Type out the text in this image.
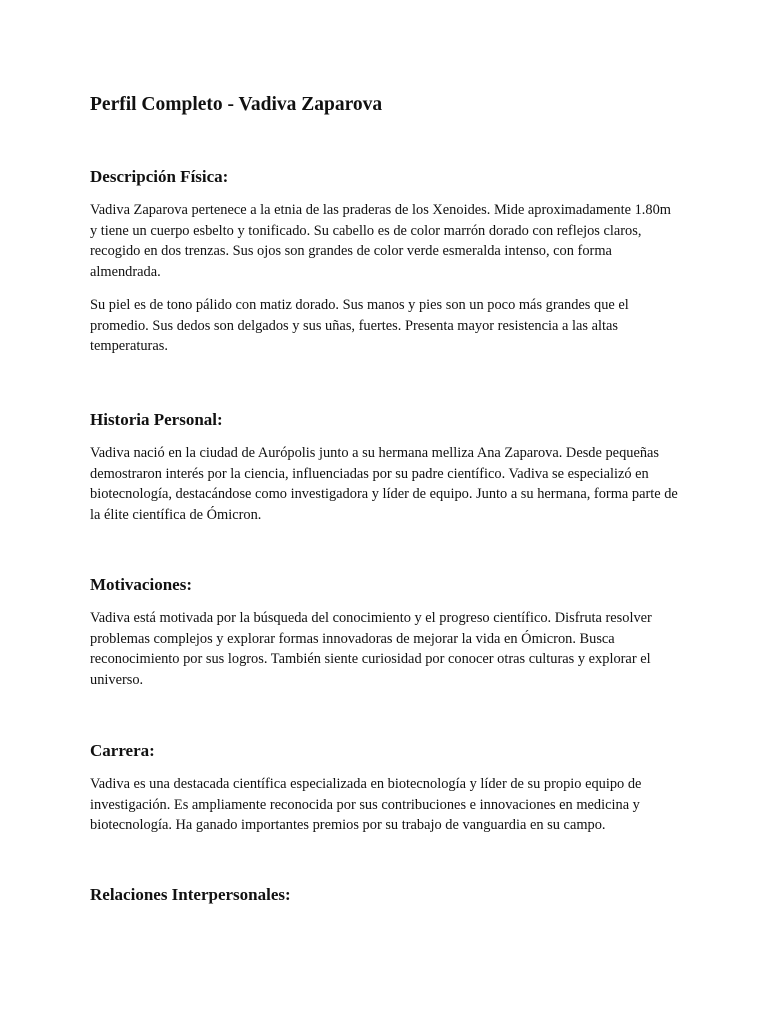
Perfil Completo - Vadiva Zaparova
Descripción Física:

Vadiva Zaparova pertenece a la etnia de las praderas de los Xenoides. Mide aproximadamente 1.80m y tiene un cuerpo esbelto y tonificado. Su cabello es de color marrón dorado con reflejos claros, recogido en dos trenzas. Sus ojos son grandes de color verde esmeralda intenso, con forma almendrada.

Su piel es de tono pálido con matiz dorado. Sus manos y pies son un poco más grandes que el promedio. Sus dedos son delgados y sus uñas, fuertes. Presenta mayor resistencia a las altas temperaturas.

Historia Personal:

Vadiva nació en la ciudad de Aurópolis junto a su hermana melliza Ana Zaparova. Desde pequeñas demostraron interés por la ciencia, influenciadas por su padre científico. Vadiva se especializó en biotecnología, destacándose como investigadora y líder de equipo. Junto a su hermana, forma parte de la élite científica de Ómicron.

Motivaciones:

Vadiva está motivada por la búsqueda del conocimiento y el progreso científico. Disfruta resolver problemas complejos y explorar formas innovadoras de mejorar la vida en Ómicron. Busca reconocimiento por sus logros. También siente curiosidad por conocer otras culturas y explorar el universo.

Carrera:

Vadiva es una destacada científica especializada en biotecnología y líder de su propio equipo de investigación. Es ampliamente reconocida por sus contribuciones e innovaciones en medicina y biotecnología. Ha ganado importantes premios por su trabajo de vanguardia en su campo.

Relaciones Interpersonales:
